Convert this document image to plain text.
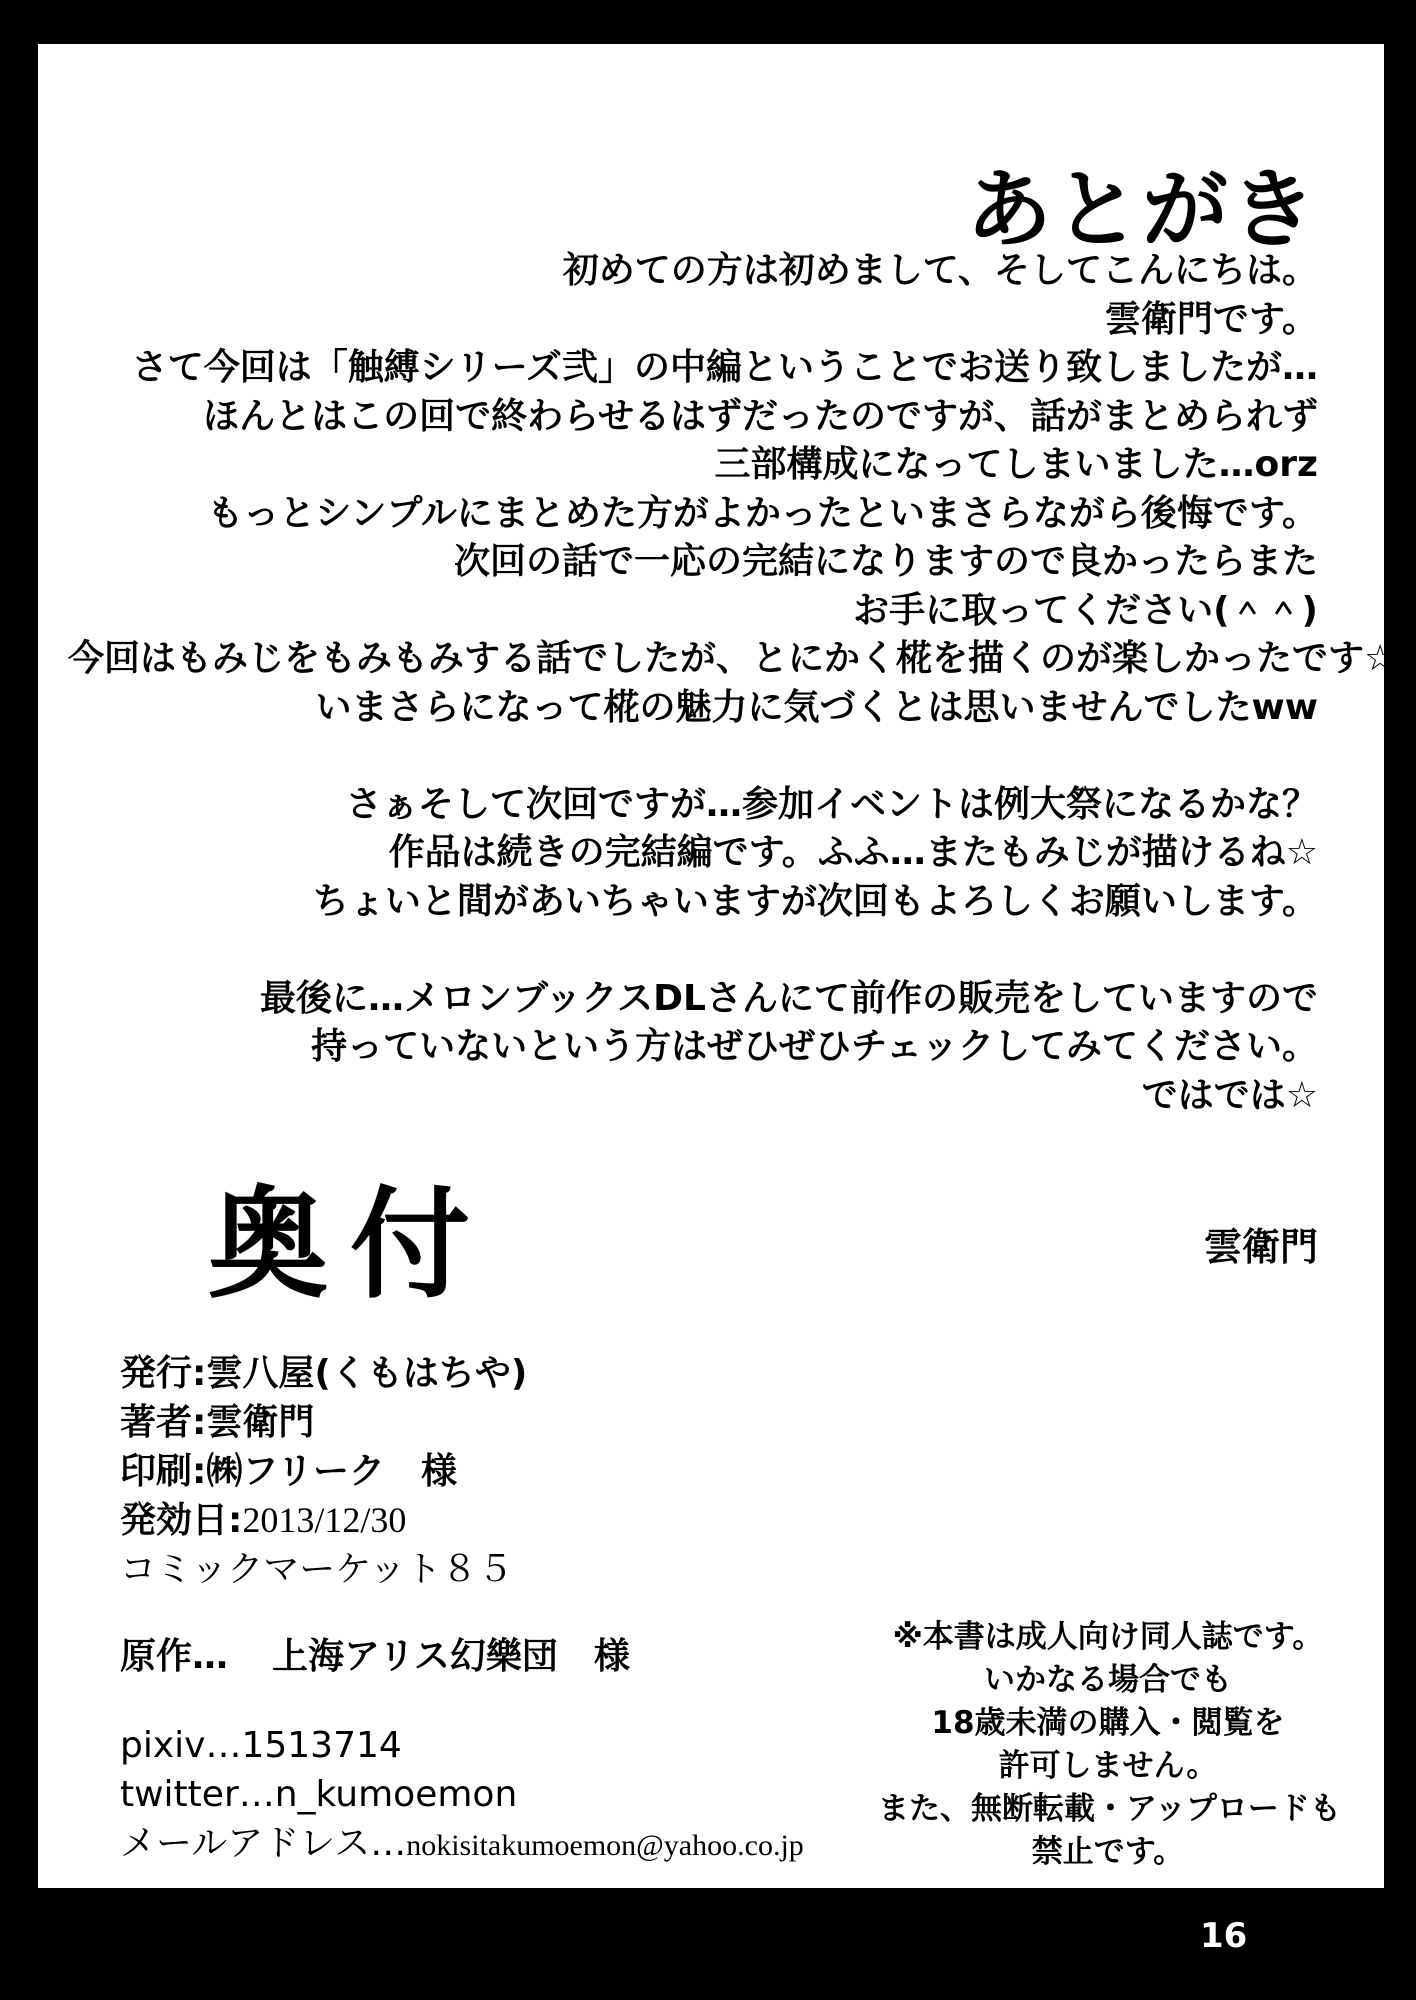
あとがき
初めての方は初めまして、そしてこんにちは。
雲衛門です。
さて今回は「触縛シリーズ弐」の中編ということでお送り致しましたが…
ほんとはこの回で終わらせるはずだったのですが、話がまとめられず
三部構成になってしまいました…orz
もっとシンプルにまとめた方がよかったといまさらながら後悔です。
次回の話で一応の完結になりますので良かったらまた
お手に取ってください(＾＾)
今回はもみじをもみもみする話でしたが、とにかく椛を描くのが楽しかったです☆
いまさらになって椛の魅力に気づくとは思いませんでしたww
さぁそして次回ですが…参加イベントは例大祭になるかな？
作品は続きの完結編です。ふふ…またもみじが描けるね☆
ちょいと間があいちゃいますが次回もよろしくお願いします。
最後に…メロンブックスDLさんにて前作の販売をしていますので
持っていないという方はぜひぜひチェックしてみてください。
ではでは☆
雲衛門
奥付
発行:雲八屋(くもはちや)
著者:雲衛門
印刷:㈱フリーク　様
発効日:2013/12/30
コミックマーケット８５
原作… 上海アリス幻樂団　様
pixiv…1513714
twitter…n_kumoemon
メールアドレス…nokisitakumoemon@yahoo.co.jp
※本書は成人向け同人誌です。
いかなる場合でも
18歳未満の購入・閲覧を
許可しません。
また、無断転載・アップロードも
禁止です。
16
